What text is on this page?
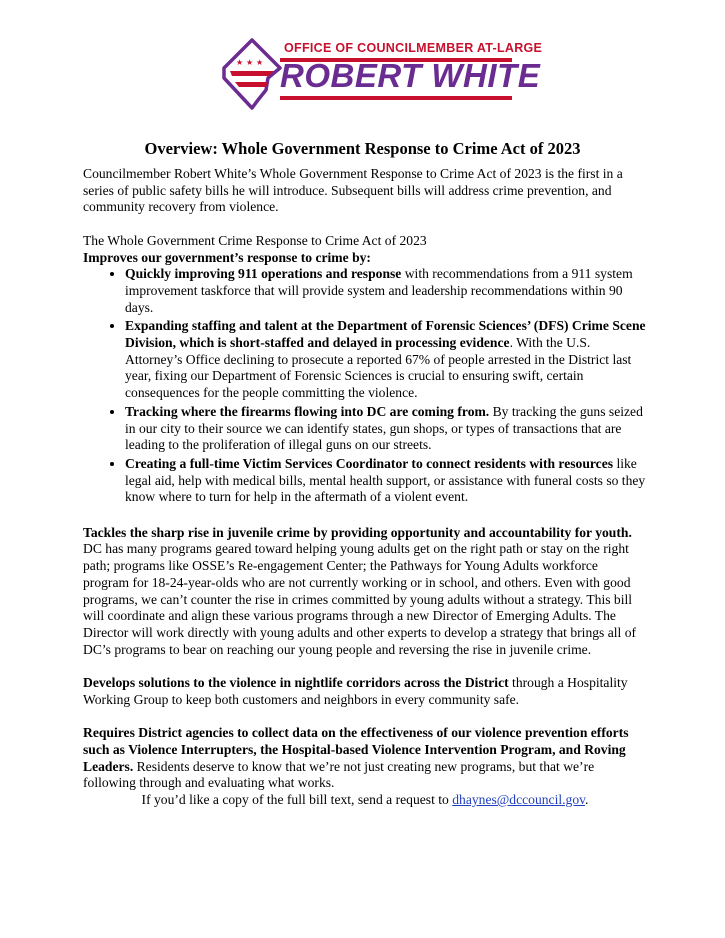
★ ★ ★
OFFICE OF COUNCILMEMBER AT-LARGE
ROBERT WHITE
Overview: Whole Government Response to Crime Act of 2023

Councilmember Robert White’s Whole Government Response to Crime Act of 2023 is the first in a series of public safety bills he will introduce. Subsequent bills will address crime prevention, and community recovery from violence.

The Whole Government Crime Response to Crime Act of 2023

Improves our government’s response to crime by:

• Quickly improving 911 operations and response with recommendations from a 911 system improvement taskforce that will provide system and leadership recommendations within 90 days.
• Expanding staffing and talent at the Department of Forensic Sciences’ (DFS) Crime Scene Division, which is short-staffed and delayed in processing evidence. With the U.S. Attorney’s Office declining to prosecute a reported 67% of people arrested in the District last year, fixing our Department of Forensic Sciences is crucial to ensuring swift, certain consequences for the people committing the violence.
• Tracking where the firearms flowing into DC are coming from. By tracking the guns seized in our city to their source we can identify states, gun shops, or types of transactions that are leading to the proliferation of illegal guns on our streets.
• Creating a full-time Victim Services Coordinator to connect residents with resources like legal aid, help with medical bills, mental health support, or assistance with funeral costs so they know where to turn for help in the aftermath of a violent event.

Tackles the sharp rise in juvenile crime by providing opportunity and accountability for youth. DC has many programs geared toward helping young adults get on the right path or stay on the right path; programs like OSSE’s Re-engagement Center; the Pathways for Young Adults workforce program for 18-24-year-olds who are not currently working or in school, and others. Even with good programs, we can’t counter the rise in crimes committed by young adults without a strategy. This bill will coordinate and align these various programs through a new Director of Emerging Adults. The Director will work directly with young adults and other experts to develop a strategy that brings all of DC’s programs to bear on reaching our young people and reversing the rise in juvenile crime.

Develops solutions to the violence in nightlife corridors across the District through a Hospitality Working Group to keep both customers and neighbors in every community safe.

Requires District agencies to collect data on the effectiveness of our violence prevention efforts such as Violence Interrupters, the Hospital-based Violence Intervention Program, and Roving Leaders. Residents deserve to know that we’re not just creating new programs, but that we’re following through and evaluating what works.

If you’d like a copy of the full bill text, send a request to dhaynes@dccouncil.gov.
